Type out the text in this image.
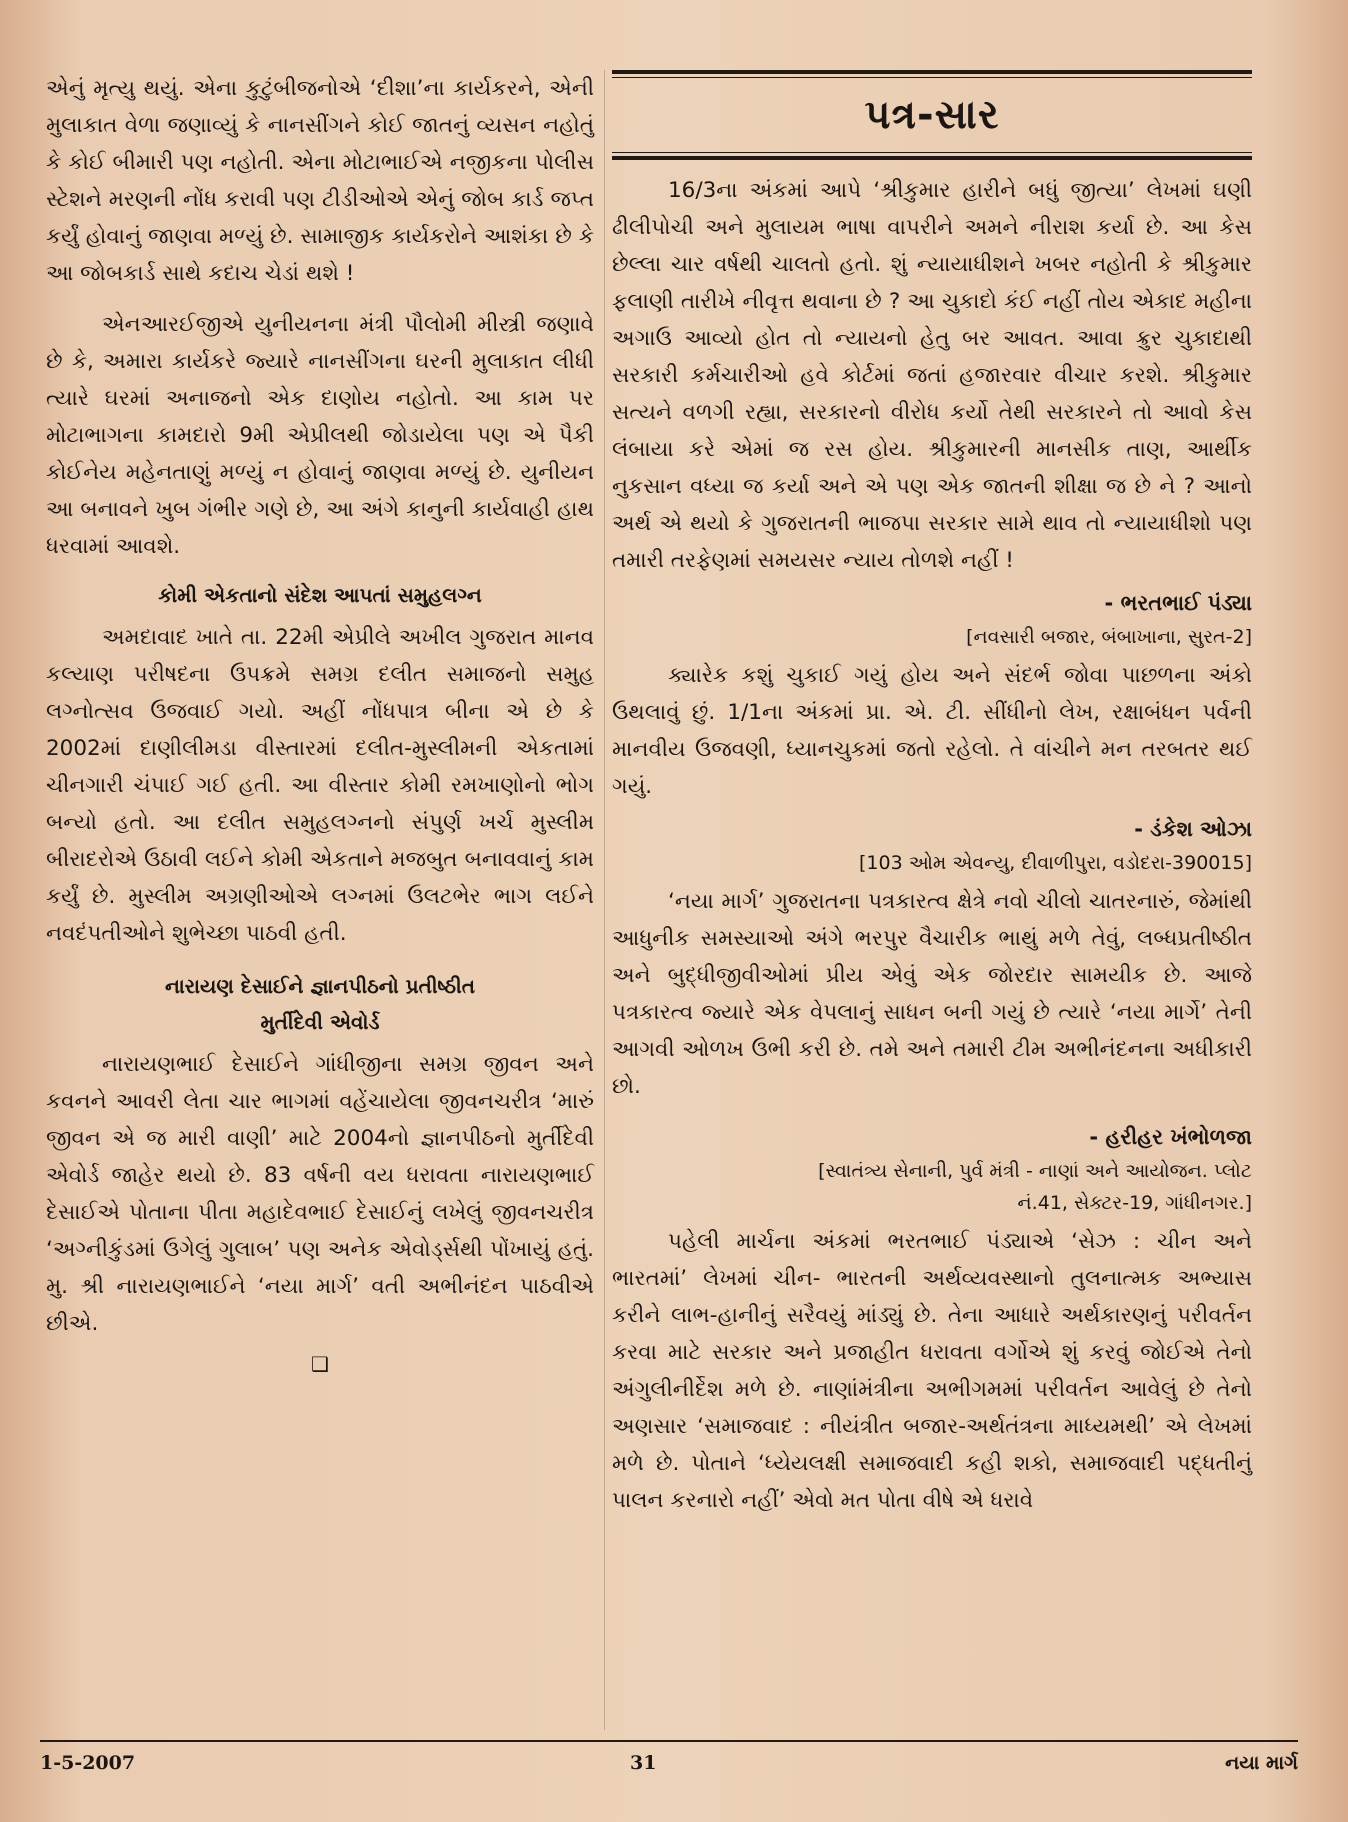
એનું મૃત્યુ થયું. એના કુટુંબીજનોએ ‘દીશા’ના કાર્યકરને, એની મુલાકાત વેળા જણાવ્યું કે નાનસીંગને કોઈ જાતનું વ્યસન નહોતું કે કોઈ બીમારી પણ નહોતી. એના મોટાભાઈએ નજીકના પોલીસ સ્ટેશને મરણની નોંધ કરાવી પણ ટીડીઓએ એનું જોબ કાર્ડ જપ્ત કર્યું હોવાનું જાણવા મળ્યું છે. સામાજીક કાર્યકરોને આશંકા છે કે આ જોબકાર્ડ સાથે કદાચ ચેડાં થશે !

એનઆરઈજીએ યુનીયનના મંત્રી પૌલોમી મીસ્ત્રી જણાવે છે કે, અમારા કાર્યકરે જ્યારે નાનસીંગના ઘરની મુલાકાત લીધી ત્યારે ઘરમાં અનાજનો એક દાણોય નહોતો. આ કામ પર મોટાભાગના કામદારો 9મી એપ્રીલથી જોડાયેલા પણ એ પૈકી કોઈનેય મહેનતાણું મળ્યું ન હોવાનું જાણવા મળ્યું છે. યુનીયન આ બનાવને ખુબ ગંભીર ગણે છે, આ અંગે કાનુની કાર્યવાહી હાથ ધરવામાં આવશે.

કોમી એકતાનો સંદેશ આપતાં સમુહલગ્ન

અમદાવાદ ખાતે તા. 22મી એપ્રીલે અખીલ ગુજરાત માનવ કલ્યાણ પરીષદના ઉપક્રમે સમગ્ર દલીત સમાજનો સમુહ લગ્નોત્સવ ઉજવાઈ ગયો. અહીં નોંધપાત્ર બીના એ છે કે 2002માં દાણીલીમડા વીસ્તારમાં દલીત-મુસ્લીમની એકતામાં ચીનગારી ચંપાઈ ગઈ હતી. આ વીસ્તાર કોમી રમખાણોનો ભોગ બન્યો હતો. આ દલીત સમુહલગ્નનો સંપુર્ણ ખર્ચ મુસ્લીમ બીરાદરોએ ઉઠાવી લઈને કોમી એકતાને મજબુત બનાવવાનું કામ કર્યું છે. મુસ્લીમ અગ્રણીઓએ લગ્નમાં ઉલટભેર ભાગ લઈને નવદંપતીઓને શુભેચ્છા પાઠવી હતી.

નારાયણ દેસાઈને જ્ઞાનપીઠનો પ્રતીષ્ઠીત
મુર્તીદેવી એવોર્ડ

નારાયણભાઈ દેસાઈને ગાંધીજીના સમગ્ર જીવન અને કવનને આવરી લેતા ચાર ભાગમાં વહેંચાયેલા જીવનચરીત્ર ‘મારું જીવન એ જ મારી વાણી’ માટે 2004નો જ્ઞાનપીઠનો મુર્તીદેવી એવોર્ડ જાહેર થયો છે. 83 વર્ષની વય ધરાવતા નારાયણભાઈ દેસાઈએ પોતાના પીતા મહાદેવભાઈ દેસાઈનું લખેલું જીવનચરીત્ર ‘અગ્નીકુંડમાં ઉગેલું ગુલાબ’ પણ અનેક એવોર્ડ્સથી પોંખાયું હતું. મુ. શ્રી નારાયણભાઈને ‘નયા માર્ગ’ વતી અભીનંદન પાઠવીએ છીએ.

❑
પત્ર-સાર

16/3ના અંકમાં આપે ‘શ્રીકુમાર હારીને બધું જીત્યા’ લેખમાં ઘણી ઢીલીપોચી અને મુલાયમ ભાષા વાપરીને અમને નીરાશ કર્યા છે. આ કેસ છેલ્લા ચાર વર્ષથી ચાલતો હતો. શું ન્યાયાધીશને ખબર નહોતી કે શ્રીકુમાર ફલાણી તારીખે નીવૃત્ત થવાના છે ? આ ચુકાદો કંઈ નહીં તોય એકાદ મહીના અગાઉ આવ્યો હોત તો ન્યાયનો હેતુ બર આવત. આવા ક્રુર ચુકાદાથી સરકારી કર્મચારીઓ હવે કોર્ટમાં જતાં હજારવાર વીચાર કરશે. શ્રીકુમાર સત્યને વળગી રહ્યા, સરકારનો વીરોધ કર્યો તેથી સરકારને તો આવો કેસ લંબાયા કરે એમાં જ રસ હોય. શ્રીકુમારની માનસીક તાણ, આર્થીક નુકસાન વધ્યા જ કર્યા અને એ પણ એક જાતની શીક્ષા જ છે ને ? આનો અર્થ એ થયો કે ગુજરાતની ભાજપા સરકાર સામે થાવ તો ન્યાયાધીશો પણ તમારી તરફેણમાં સમયસર ન્યાય તોળશે નહીં !

- ભરતભાઈ પંડ્યા
[નવસારી બજાર, બંબાખાના, સુરત-2]

ક્યારેક કશું ચુકાઈ ગયું હોય અને સંદર્ભ જોવા પાછળના અંકો ઉથલાવું છું. 1/1ના અંકમાં પ્રા. એ. ટી. સીંધીનો લેખ, રક્ષાબંધન પર્વની માનવીય ઉજવણી, ધ્યાનચુકમાં જતો રહેલો. તે વાંચીને મન તરબતર થઈ ગયું.

- ડંકેશ ઓઝા
[103 ઓમ એવન્યુ, દીવાળીપુરા, વડોદરા-390015]

‘નયા માર્ગ’ ગુજરાતના પત્રકારત્વ ક્ષેત્રે નવો ચીલો ચાતરનારું, જેમાંથી આધુનીક સમસ્યાઓ અંગે ભરપુર વૈચારીક ભાથું મળે તેવું, લબ્ધપ્રતીષ્ઠીત અને બુદ્ધીજીવીઓમાં પ્રીય એવું એક જોરદાર સામયીક છે. આજે પત્રકારત્વ જ્યારે એક વેપલાનું સાધન બની ગયું છે ત્યારે ‘નયા માર્ગે’ તેની આગવી ઓળખ ઉભી કરી છે. તમે અને તમારી ટીમ અભીનંદનના અધીકારી છો.

- હરીહર ખંભોળજા
[સ્વાતંત્ર્ય સેનાની, પુર્વ મંત્રી - નાણાં અને આયોજન. પ્લોટ
નં.41, સેક્ટર-19, ગાંધીનગર.]

પહેલી માર્ચના અંકમાં ભરતભાઈ પંડ્યાએ ‘સેઝ : ચીન અને ભારતમાં’ લેખમાં ચીન- ભારતની અર્થવ્યવસ્થાનો તુલનાત્મક અભ્યાસ કરીને લાભ-હાનીનું સરૈવયું માંડ્યું છે. તેના આધારે અર્થકારણનું પરીવર્તન કરવા માટે સરકાર અને પ્રજાહીત ધરાવતા વર્ગોએ શું કરવું જોઈએ તેનો અંગુલીનીર્દેશ મળે છે. નાણાંમંત્રીના અભીગમમાં પરીવર્તન આવેલું છે તેનો અણસાર ‘સમાજવાદ : નીયંત્રીત બજાર-અર્થતંત્રના માધ્યમથી’ એ લેખમાં મળે છે. પોતાને ‘ધ્યેયલક્ષી સમાજવાદી કહી શકો, સમાજવાદી પદ્ધતીનું પાલન કરનારો નહીં’ એવો મત પોતા વીષે એ ધરાવે

1-5-2007	31	નયા માર્ગ
